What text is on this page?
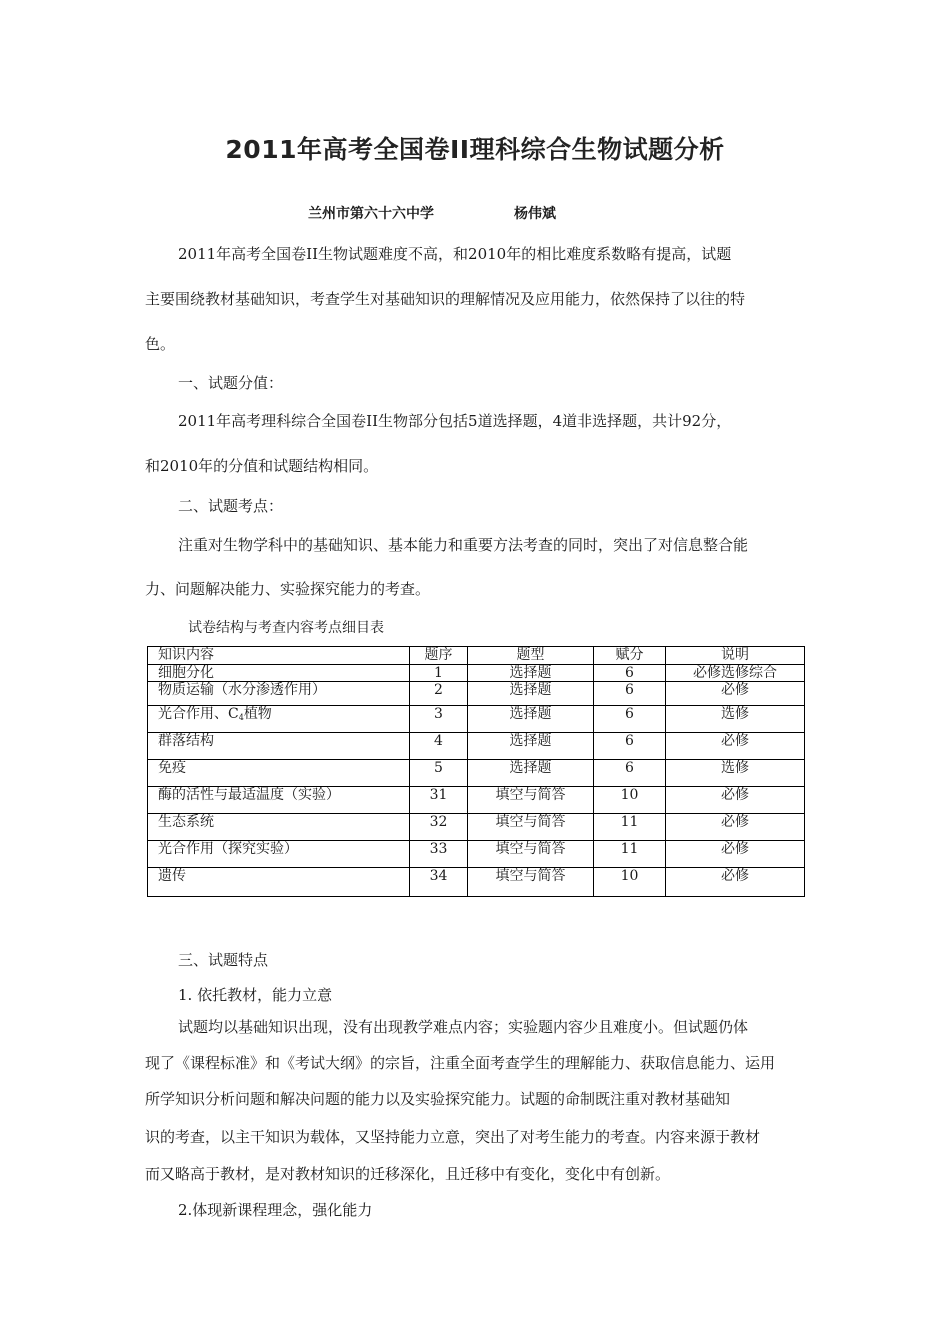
2011年高考全国卷II理科综合生物试题分析
兰州市第六十六中学	杨伟斌
2011年高考全国卷II生物试题难度不高，和2010年的相比难度系数略有提高，试题
主要围绕教材基础知识，考查学生对基础知识的理解情况及应用能力，依然保持了以往的特
色。
一、试题分值：
2011年高考理科综合全国卷II生物部分包括5道选择题，4道非选择题，共计92分，
和2010年的分值和试题结构相同。
二、试题考点：
注重对生物学科中的基础知识、基本能力和重要方法考查的同时，突出了对信息整合能
力、问题解决能力、实验探究能力的考查。
试卷结构与考查内容考点细目表
知识内容	题序	题型	赋分	说明
细胞分化	1	选择题	6	必修选修综合
物质运输（水分渗透作用）	2	选择题	6	必修
光合作用、$C_4$植物	3	选择题	6	选修
群落结构	4	选择题	6	必修
免疫	5	选择题	6	选修
酶的活性与最适温度（实验）	31	填空与简答	10	必修
生态系统	32	填空与简答	11	必修
光合作用（探究实验）	33	填空与简答	11	必修
遗传	34	填空与简答	10	必修
三、试题特点
1. 依托教材，能力立意
试题均以基础知识出现，没有出现教学难点内容；实验题内容少且难度小。但试题仍体
现了《课程标准》和《考试大纲》的宗旨，注重全面考查学生的理解能力、获取信息能力、运用
所学知识分析问题和解决问题的能力以及实验探究能力。试题的命制既注重对教材基础知
识的考查，以主干知识为载体，又坚持能力立意，突出了对考生能力的考查。内容来源于教材
而又略高于教材，是对教材知识的迁移深化，且迁移中有变化，变化中有创新。
2.体现新课程理念，强化能力
